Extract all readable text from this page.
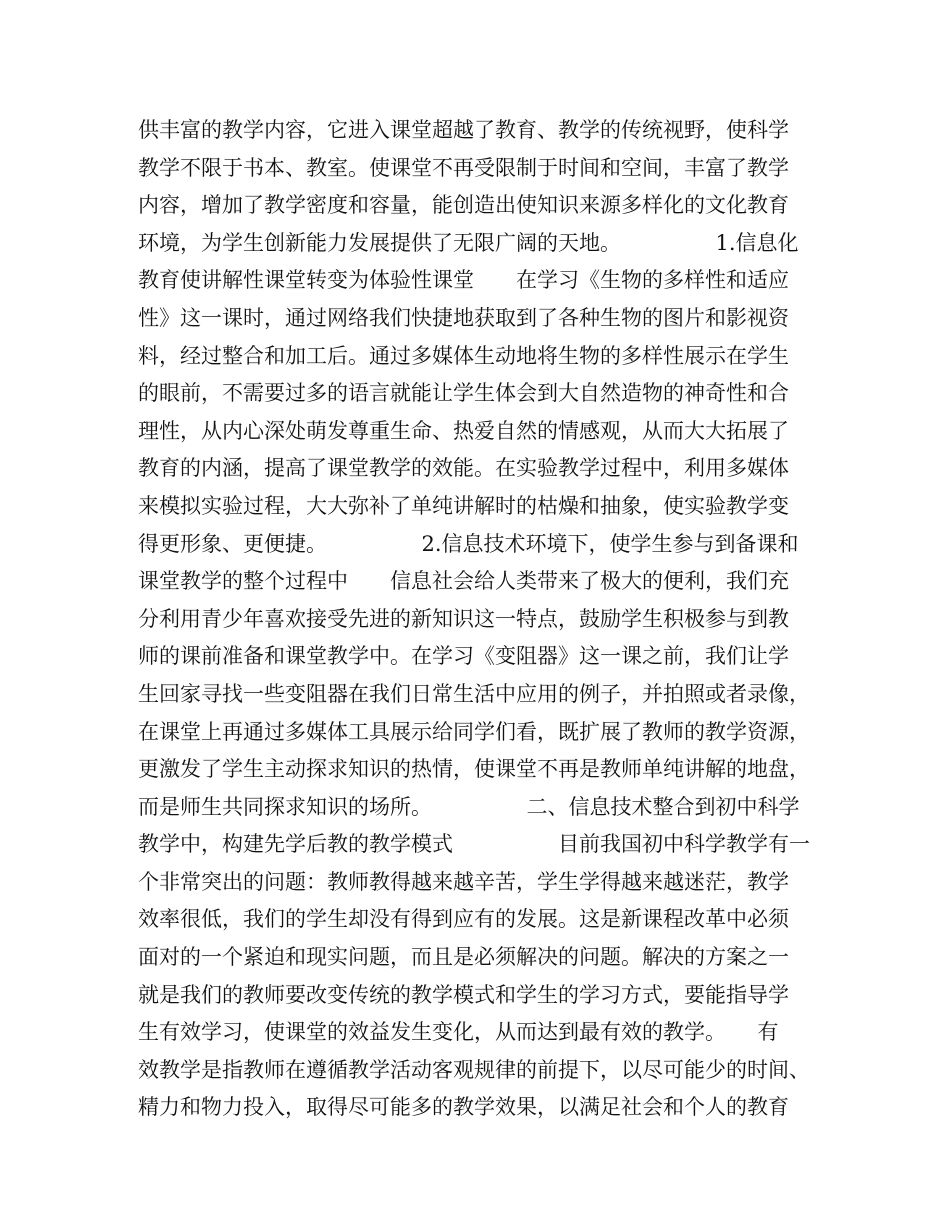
供丰富的教学内容，它进入课堂超越了教育、教学的传统视野，使科学
教学不限于书本、教室。使课堂不再受限制于时间和空间，丰富了教学
内容，增加了教学密度和容量，能创造出使知识来源多样化的文化教育
环境，为学生创新能力发展提供了无限广阔的天地。　　　　　1.信息化
教育使讲解性课堂转变为体验性课堂　　在学习《生物的多样性和适应
性》这一课时，通过网络我们快捷地获取到了各种生物的图片和影视资
料，经过整合和加工后。通过多媒体生动地将生物的多样性展示在学生
的眼前，不需要过多的语言就能让学生体会到大自然造物的神奇性和合
理性，从内心深处萌发尊重生命、热爱自然的情感观，从而大大拓展了
教育的内涵，提高了课堂教学的效能。在实验教学过程中，利用多媒体
来模拟实验过程，大大弥补了单纯讲解时的枯燥和抽象，使实验教学变
得更形象、更便捷。　　　　　2.信息技术环境下，使学生参与到备课和
课堂教学的整个过程中　　信息社会给人类带来了极大的便利，我们充
分利用青少年喜欢接受先进的新知识这一特点，鼓励学生积极参与到教
师的课前准备和课堂教学中。在学习《变阻器》这一课之前，我们让学
生回家寻找一些变阻器在我们日常生活中应用的例子，并拍照或者录像，
在课堂上再通过多媒体工具展示给同学们看，既扩展了教师的教学资源，
更激发了学生主动探求知识的热情，使课堂不再是教师单纯讲解的地盘，
而是师生共同探求知识的场所。　　　　　二、信息技术整合到初中科学
教学中，构建先学后教的教学模式　　　　　目前我国初中科学教学有一
个非常突出的问题：教师教得越来越辛苦，学生学得越来越迷茫，教学
效率很低，我们的学生却没有得到应有的发展。这是新课程改革中必须
面对的一个紧迫和现实问题，而且是必须解决的问题。解决的方案之一
就是我们的教师要改变传统的教学模式和学生的学习方式，要能指导学
生有效学习，使课堂的效益发生变化，从而达到最有效的教学。　　有
效教学是指教师在遵循教学活动客观规律的前提下，以尽可能少的时间、
精力和物力投入，取得尽可能多的教学效果，以满足社会和个人的教育
